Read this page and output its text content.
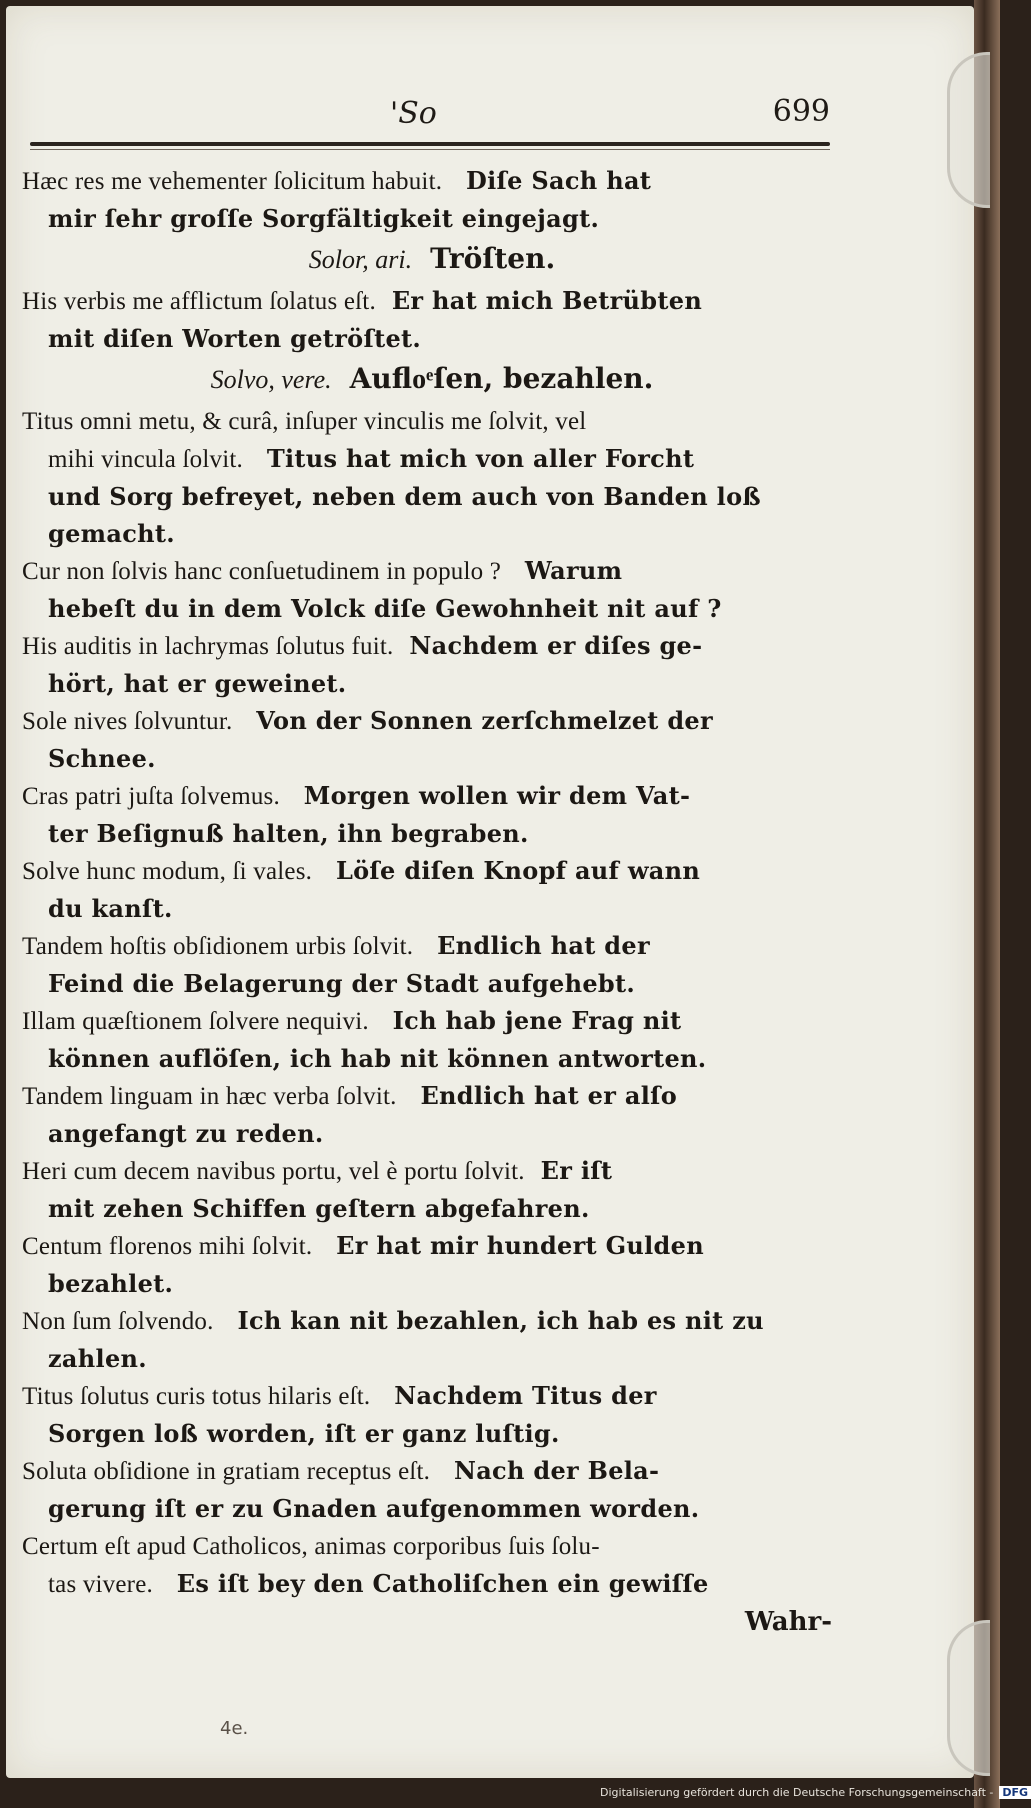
'So	699
Hæc res me vehementer ſolicitum habuit. Diſe Sach hat
mir ſehr groſſe Sorgfältigkeit eingejagt.
Solor, ari. Tröſten.
His verbis me afflictum ſolatus eſt. Er hat mich Betrübten
mit diſen Worten getröſtet.
Solvo, vere. Aufloͤſen, bezahlen.
Titus omni metu, & curâ, inſuper vinculis me ſolvit, vel
mihi vincula ſolvit. Titus hat mich von aller Forcht
und Sorg befreyet, neben dem auch von Banden loß
gemacht.
Cur non ſolvis hanc conſuetudinem in populo ? Warum
hebeſt du in dem Volck diſe Gewohnheit nit auf ?
His auditis in lachrymas ſolutus fuit. Nachdem er diſes ge-
hört, hat er geweinet.
Sole nives ſolvuntur. Von der Sonnen zerſchmelzet der
Schnee.
Cras patri juſta ſolvemus. Morgen wollen wir dem Vat-
ter Beſignuß halten, ihn begraben.
Solve hunc modum, ſi vales. Löſe diſen Knopf auf wann
du kanſt.
Tandem hoſtis obſidionem urbis ſolvit. Endlich hat der
Feind die Belagerung der Stadt aufgehebt.
Illam quæſtionem ſolvere nequivi. Ich hab jene Frag nit
können auflöſen, ich hab nit können antworten.
Tandem linguam in hæc verba ſolvit. Endlich hat er alſo
angefangt zu reden.
Heri cum decem navibus portu, vel è portu ſolvit. Er iſt
mit zehen Schiffen geſtern abgefahren.
Centum florenos mihi ſolvit. Er hat mir hundert Gulden
bezahlet.
Non ſum ſolvendo. Ich kan nit bezahlen, ich hab es nit zu
zahlen.
Titus ſolutus curis totus hilaris eſt. Nachdem Titus der
Sorgen loß worden, iſt er ganz luſtig.
Soluta obſidione in gratiam receptus eſt. Nach der Bela-
gerung iſt er zu Gnaden aufgenommen worden.
Certum eſt apud Catholicos, animas corporibus ſuis ſolu-
tas vivere. Es iſt bey den Catholiſchen ein gewiſſe
Wahr-
4e.
Digitalisierung gefördert durch die Deutsche Forschungsgemeinschaft - DFG
